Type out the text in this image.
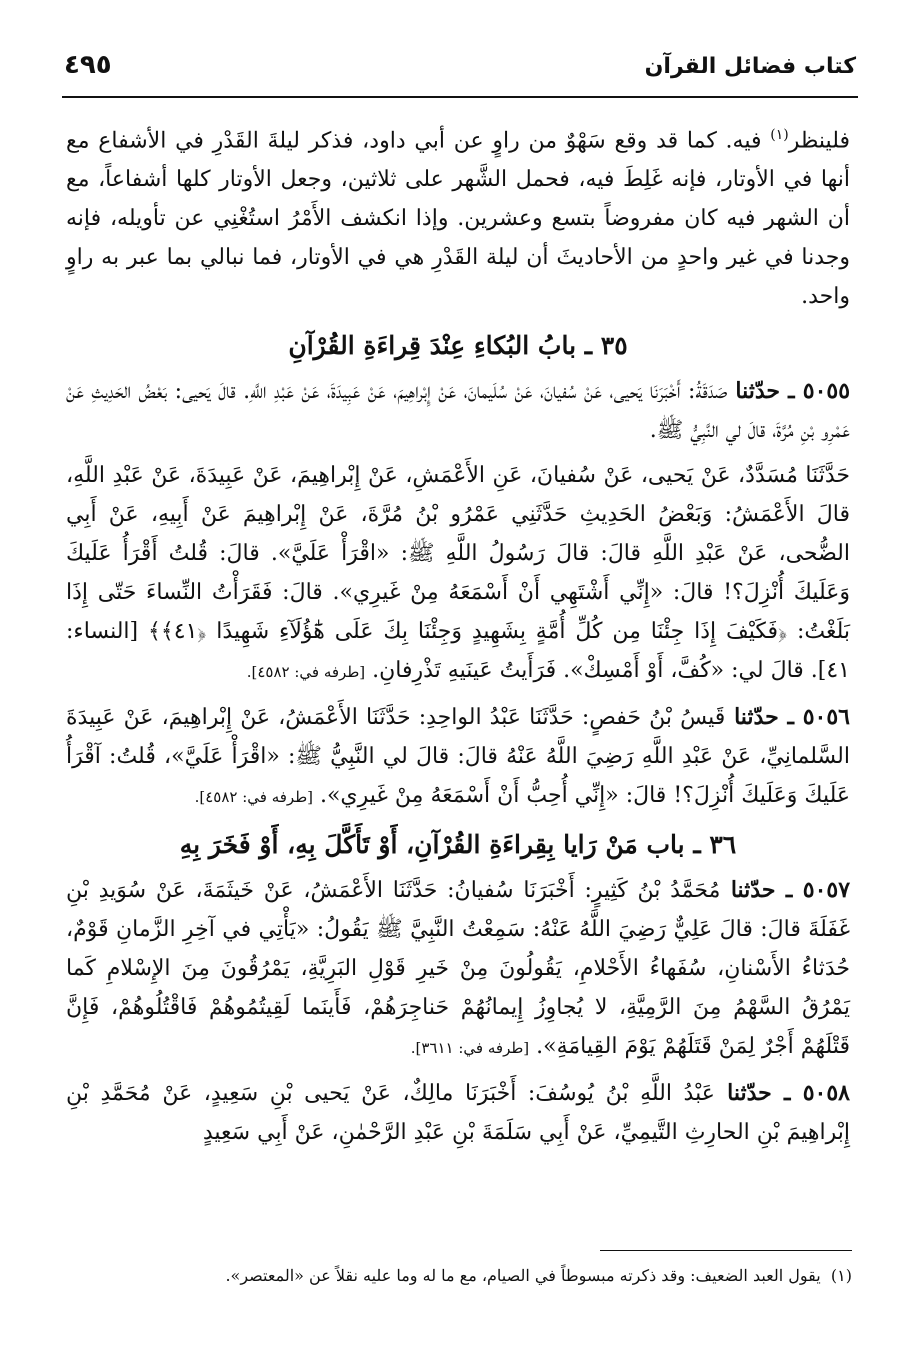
كتاب فضائل القرآن
٤٩٥

فلينظر$^{(١)}$ فيه. كما قد وقع سَهْوٌ من راوٍ عن أبي داود، فذكر ليلةَ القَدْرِ في الأشفاع مع أنها في الأوتار، فإنه غَلِطَ فيه، فحمل الشَّهر على ثلاثين، وجعل الأوتار كلها أشفاعاً، مع أن الشهر فيه كان مفروضاً بتسع وعشرين. وإذا انكشف الأَمْرُ استُغْنِي عن تأويله، فإنه وجدنا في غير واحدٍ من الأحاديثَ أن ليلة القَدْرِ هي في الأوتار، فما نبالي بما عبر به راوٍ واحد.

٣٥ ـ بابُ البُكاءِ عِنْدَ قِراءَةِ القُرْآنِ

٥٠٥٥ ـ حدّثنا صَدَقَةُ: أَخْبَرَنَا يَحيى، عَنْ سُفيانَ، عَنْ سُلَيمانَ، عَنْ إِبْراهِيمَ، عَنْ عَبِيدَةَ، عَنْ عَبْدِ اللَّهِ. قالَ يَحيى: بَعْضُ الحَدِيثِ عَنْ عَمْرِو بْنِ مُرَّةَ، قالَ لي النَّبِيُّ ﷺ.

حَدَّثَنَا مُسَدَّدٌ، عَنْ يَحيى، عَنْ سُفيانَ، عَنِ الأَعْمَشِ، عَنْ إِبْراهِيمَ، عَنْ عَبِيدَةَ، عَنْ عَبْدِ اللَّهِ، قالَ الأَعْمَشُ: وَبَعْضُ الحَدِيثِ حَدَّثَنِي عَمْرُو بْنُ مُرَّةَ، عَنْ إِبْراهِيمَ عَنْ أَبِيهِ، عَنْ أَبِي الضُّحى، عَنْ عَبْدِ اللَّهِ قالَ: قالَ رَسُولُ اللَّهِ ﷺ: «اقْرَأْ عَلَيَّ». قالَ: قُلتُ أَقْرَأُ عَلَيكَ وَعَلَيكَ أُنْزِلَ؟! قالَ: «إِنِّي أَشْتَهِي أَنْ أَسْمَعَهُ مِنْ غَيرِي». قالَ: فَقَرَأْتُ النِّساءَ حَتّى إِذَا بَلَغْتُ: ﴿فَكَيْفَ إِذَا جِئْنَا مِن كُلِّ أُمَّةٍ بِشَهِيدٍ وَجِئْنَا بِكَ عَلَى هَٰٓؤُلَآءِ شَهِيدًا ﴿٤١﴾﴾ [النساء: ٤١]. قالَ لي: «كُفَّ، أَوْ أَمْسِكْ». فَرَأَيتُ عَينَيهِ تَذْرِفانِ. [طرفه في: ٤٥٨٢].

٥٠٥٦ ـ حدّثنا قَيسُ بْنُ حَفصٍ: حَدَّثَنَا عَبْدُ الواحِدِ: حَدَّثَنَا الأَعْمَشُ، عَنْ إِبْراهِيمَ، عَنْ عَبِيدَةَ السَّلمانِيِّ، عَنْ عَبْدِ اللَّهِ رَضِيَ اللَّهُ عَنْهُ قالَ: قالَ لي النَّبِيُّ ﷺ: «اقْرَأْ عَلَيَّ»، قُلتُ: آقْرَأُ عَلَيكَ وَعَلَيكَ أُنْزِلَ؟! قالَ: «إِنِّي أُحِبُّ أَنْ أَسْمَعَهُ مِنْ غَيرِي». [طرفه في: ٤٥٨٢].

٣٦ ـ باب مَنْ رَايا بِقِراءَةِ القُرْآنِ، أَوْ تَأَكَّلَ بِهِ، أَوْ فَخَرَ بِهِ

٥٠٥٧ ـ حدّثنا مُحَمَّدُ بْنُ كَثِيرٍ: أَخْبَرَنَا سُفيانُ: حَدَّثَنَا الأَعْمَشُ، عَنْ خَيثَمَةَ، عَنْ سُوَيدِ بْنِ غَفَلَةَ قالَ: قالَ عَلِيٌّ رَضِيَ اللَّهُ عَنْهُ: سَمِعْتُ النَّبِيَّ ﷺ يَقُولُ: «يَأْتِي في آخِرِ الزَّمانِ قَوْمٌ، حُدَثاءُ الأَسْنانِ، سُفَهاءُ الأَحْلامِ، يَقُولُونَ مِنْ خَيرِ قَوْلِ البَرِيَّةِ، يَمْرُقُونَ مِنَ الإِسْلامِ كَما يَمْرُقُ السَّهْمُ مِنَ الرَّمِيَّةِ، لا يُجاوِزُ إِيمانُهُمْ حَناجِرَهُمْ، فَأَينَما لَقِيتُمُوهُمْ فَاقْتُلُوهُمْ، فَإِنَّ قَتْلَهُمْ أَجْرٌ لِمَنْ قَتَلَهُمْ يَوْمَ القِيامَةِ». [طرفه في: ٣٦١١].

٥٠٥٨ ـ حدّثنا عَبْدُ اللَّهِ بْنُ يُوسُفَ: أَخْبَرَنَا مالِكٌ، عَنْ يَحيى بْنِ سَعِيدٍ، عَنْ مُحَمَّدِ بْنِ إِبْراهِيمَ بْنِ الحارِثِ التَّيمِيِّ، عَنْ أَبِي سَلَمَةَ بْنِ عَبْدِ الرَّحْمٰنِ، عَنْ أَبِي سَعِيدٍ

(١)  يقول العبد الضعيف: وقد ذكرته مبسوطاً في الصيام، مع ما له وما عليه نقلاً عن «المعتصر».
